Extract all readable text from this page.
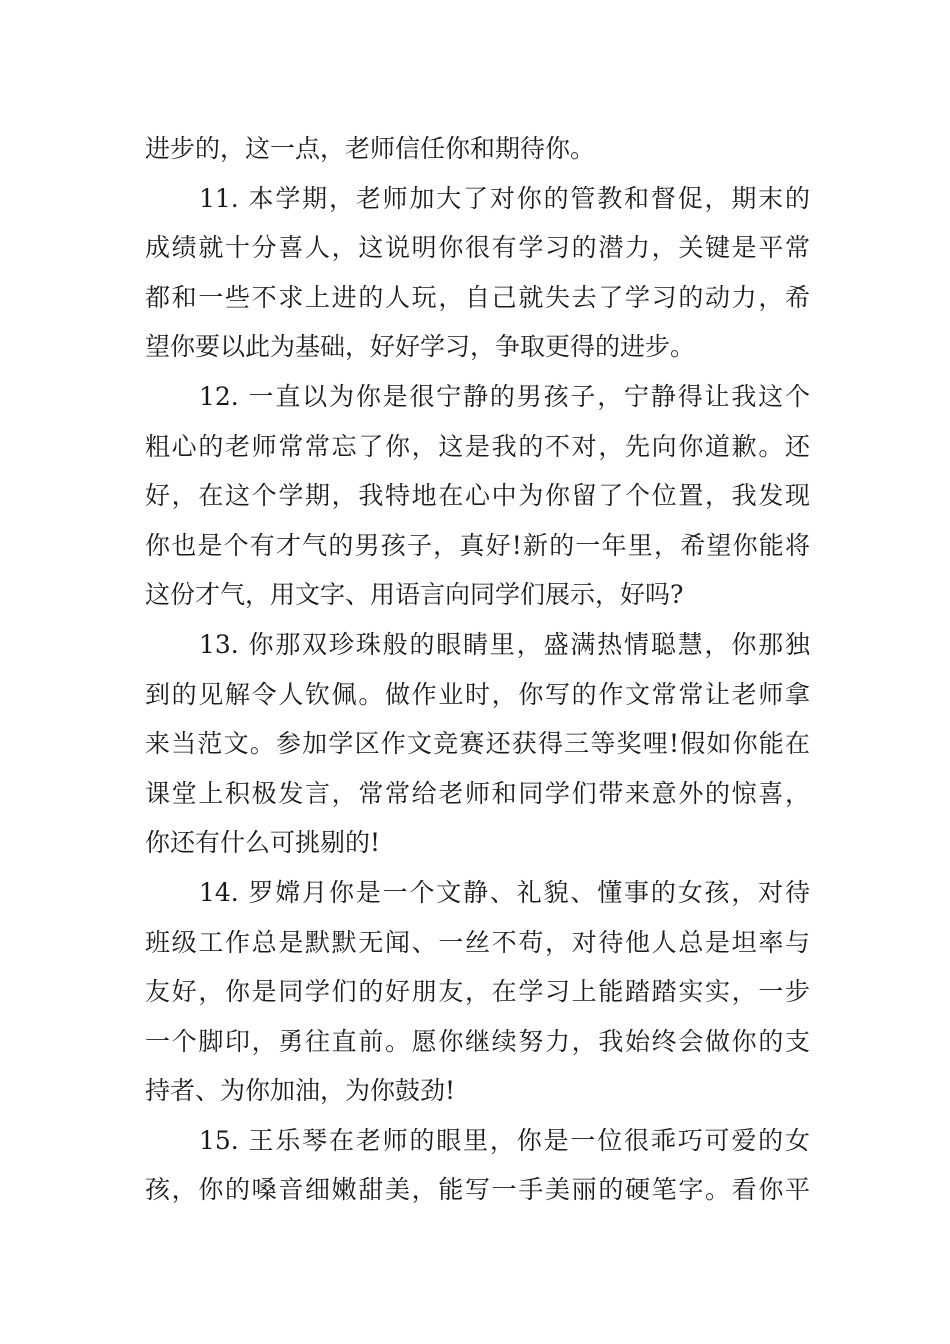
进步的，这一点，老师信任你和期待你。
11. 本学期，老师加大了对你的管教和督促，期末的
成绩就十分喜人，这说明你很有学习的潜力，关键是平常
都和一些不求上进的人玩，自己就失去了学习的动力，希
望你要以此为基础，好好学习，争取更得的进步。
12. 一直以为你是很宁静的男孩子，宁静得让我这个
粗心的老师常常忘了你，这是我的不对，先向你道歉。还
好，在这个学期，我特地在心中为你留了个位置，我发现
你也是个有才气的男孩子，真好!新的一年里，希望你能将
这份才气，用文字、用语言向同学们展示，好吗?
13. 你那双珍珠般的眼睛里，盛满热情聪慧，你那独
到的见解令人钦佩。做作业时，你写的作文常常让老师拿
来当范文。参加学区作文竞赛还获得三等奖哩!假如你能在
课堂上积极发言，常常给老师和同学们带来意外的惊喜，
你还有什么可挑剔的!
14. 罗嫦月你是一个文静、礼貌、懂事的女孩，对待
班级工作总是默默无闻、一丝不苟，对待他人总是坦率与
友好，你是同学们的好朋友，在学习上能踏踏实实，一步
一个脚印，勇往直前。愿你继续努力，我始终会做你的支
持者、为你加油，为你鼓劲!
15. 王乐琴在老师的眼里，你是一位很乖巧可爱的女
孩，你的嗓音细嫩甜美，能写一手美丽的硬笔字。看你平
